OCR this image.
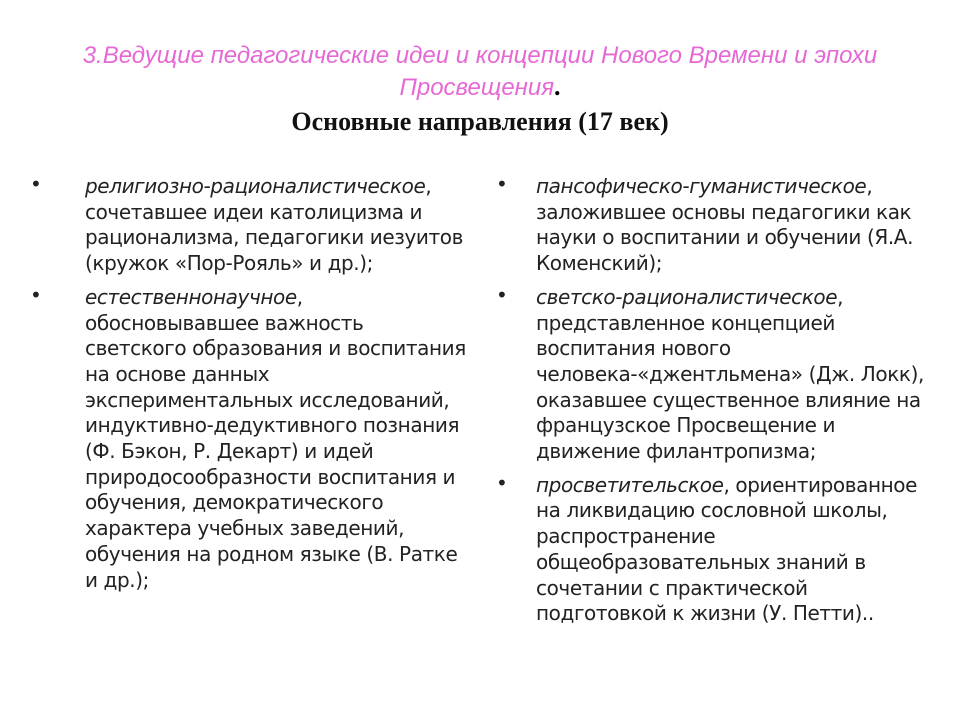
3.Ведущие педагогические идеи и концепции Нового Времени и эпохи Просвещения.
Основные направления (17 век)
• религиозно-рационалистическое, сочетавшее идеи католицизма и рационализма, педагогики иезуитов (кружок «Пор-Рояль» и др.);
• естественнонаучное, обосновывавшее важность светского образования и воспитания на основе данных экспериментальных исследований, индуктивно-дедуктивного познания (Ф. Бэкон, Р. Декарт) и идей природосообразности воспитания и обучения, демократического характера учебных заведений, обучения на родном языке (В. Ратке и др.);
• пансофическо-гуманистическое, заложившее основы педагогики как науки о воспитании и обучении (Я.А. Коменский);
• светско-рационалистическое, представленное концепцией воспитания нового человека-«джентльмена» (Дж. Локк), оказавшее существенное влияние на французское Просвещение и движение филантропизма;
• просветительское, ориентированное на ликвидацию сословной школы, распространение общеобразовательных знаний в сочетании с практической подготовкой к жизни (У. Петти)..
